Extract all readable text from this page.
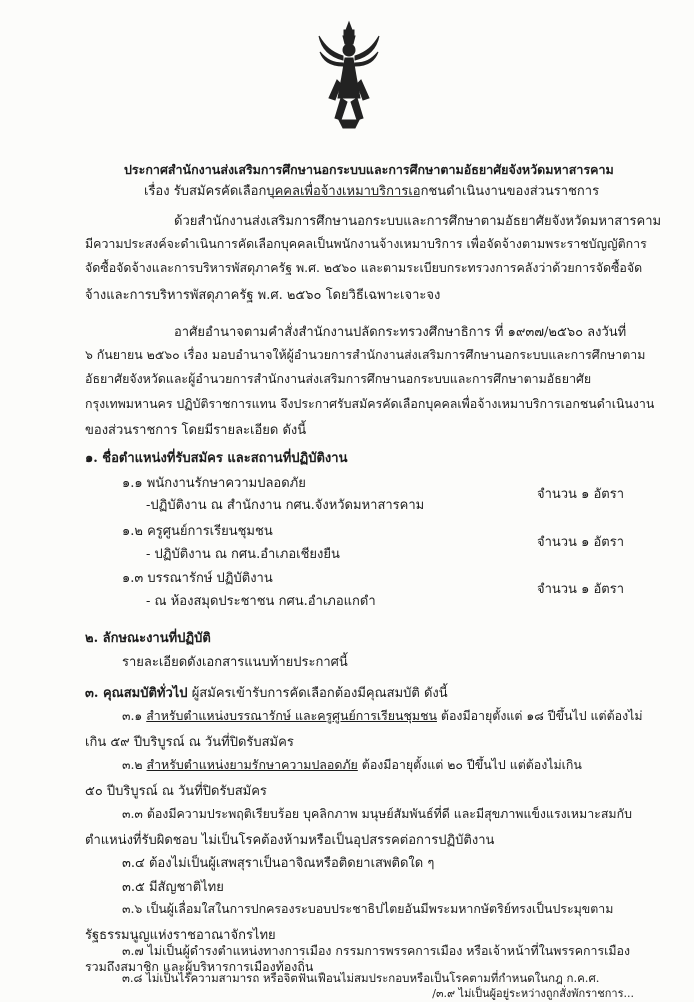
ประกาศสำนักงานส่งเสริมการศึกษานอกระบบและการศึกษาตามอัธยาศัยจังหวัดมหาสารคาม
เรื่อง รับสมัครคัดเลือกบุคคลเพื่อจ้างเหมาบริการเอกชนดำเนินงานของส่วนราชการ
ด้วยสำนักงานส่งเสริมการศึกษานอกระบบและการศึกษาตามอัธยาศัยจังหวัดมหาสารคาม
มีความประสงค์จะดำเนินการคัดเลือกบุคคลเป็นพนักงานจ้างเหมาบริการ เพื่อจัดจ้างตามพระราชบัญญัติการ
จัดซื้อจัดจ้างและการบริหารพัสดุภาครัฐ พ.ศ. ๒๕๖๐ และตามระเบียบกระทรวงการคลังว่าด้วยการจัดซื้อจัด
จ้างและการบริหารพัสดุภาครัฐ พ.ศ. ๒๕๖๐ โดยวิธีเฉพาะเจาะจง
อาศัยอำนาจตามคำสั่งสำนักงานปลัดกระทรวงศึกษาธิการ ที่ ๑๙๓๗/๒๕๖๐ ลงวันที่
๖ กันยายน ๒๕๖๐ เรื่อง มอบอำนาจให้ผู้อำนวยการสำนักงานส่งเสริมการศึกษานอกระบบและการศึกษาตาม
อัธยาศัยจังหวัดและผู้อำนวยการสำนักงานส่งเสริมการศึกษานอกระบบและการศึกษาตามอัธยาศัย
กรุงเทพมหานคร ปฏิบัติราชการแทน จึงประกาศรับสมัครคัดเลือกบุคคลเพื่อจ้างเหมาบริการเอกชนดำเนินงาน
ของส่วนราชการ โดยมีรายละเอียด ดังนี้
๑. ชื่อตำแหน่งที่รับสมัคร และสถานที่ปฏิบัติงาน
๑.๑ พนักงานรักษาความปลอดภัย
-ปฏิบัติงาน ณ สำนักงาน กศน.จังหวัดมหาสารคาม
จำนวน ๑ อัตรา
๑.๒ ครูศูนย์การเรียนชุมชน
- ปฏิบัติงาน ณ กศน.อำเภอเชียงยืน
จำนวน ๑ อัตรา
๑.๓ บรรณารักษ์ ปฏิบัติงาน
- ณ ห้องสมุดประชาชน กศน.อำเภอแกดำ
จำนวน ๑ อัตรา
๒. ลักษณะงานที่ปฏิบัติ
รายละเอียดดังเอกสารแนบท้ายประกาศนี้
๓. คุณสมบัติทั่วไป ผู้สมัครเข้ารับการคัดเลือกต้องมีคุณสมบัติ ดังนี้
๓.๑ สำหรับตำแหน่งบรรณารักษ์ และครูศูนย์การเรียนชุมชน ต้องมีอายุตั้งแต่ ๑๘ ปีขึ้นไป แต่ต้องไม่
เกิน ๕๙ ปีบริบูรณ์ ณ วันที่ปิดรับสมัคร
๓.๒ สำหรับตำแหน่งยามรักษาความปลอดภัย ต้องมีอายุตั้งแต่ ๒๐ ปีขึ้นไป แต่ต้องไม่เกิน
๕๐ ปีบริบูรณ์ ณ วันที่ปิดรับสมัคร
๓.๓ ต้องมีความประพฤติเรียบร้อย บุคลิกภาพ มนุษย์สัมพันธ์ที่ดี และมีสุขภาพแข็งแรงเหมาะสมกับ
ตำแหน่งที่รับผิดชอบ ไม่เป็นโรคต้องห้ามหรือเป็นอุปสรรคต่อการปฏิบัติงาน
๓.๔ ต้องไม่เป็นผู้เสพสุราเป็นอาจิณหรือติดยาเสพติดใด ๆ
๓.๕ มีสัญชาติไทย
๓.๖ เป็นผู้เลื่อมใสในการปกครองระบอบประชาธิปไตยอันมีพระมหากษัตริย์ทรงเป็นประมุขตาม
รัฐธรรมนูญแห่งราชอาณาจักรไทย
๓.๗ ไม่เป็นผู้ดำรงตำแหน่งทางการเมือง กรรมการพรรคการเมือง หรือเจ้าหน้าที่ในพรรคการเมือง
รวมถึงสมาชิก และผู้บริหารการเมืองท้องถิ่น
๓.๘ ไม่เป็นไร้ความสามารถ หรือจิตฟั่นเฟือนไม่สมประกอบหรือเป็นโรคตามที่กำหนดในกฎ ก.ค.ศ.
/๓.๙ ไม่เป็นผู้อยู่ระหว่างถูกสั่งพักราชการ...
